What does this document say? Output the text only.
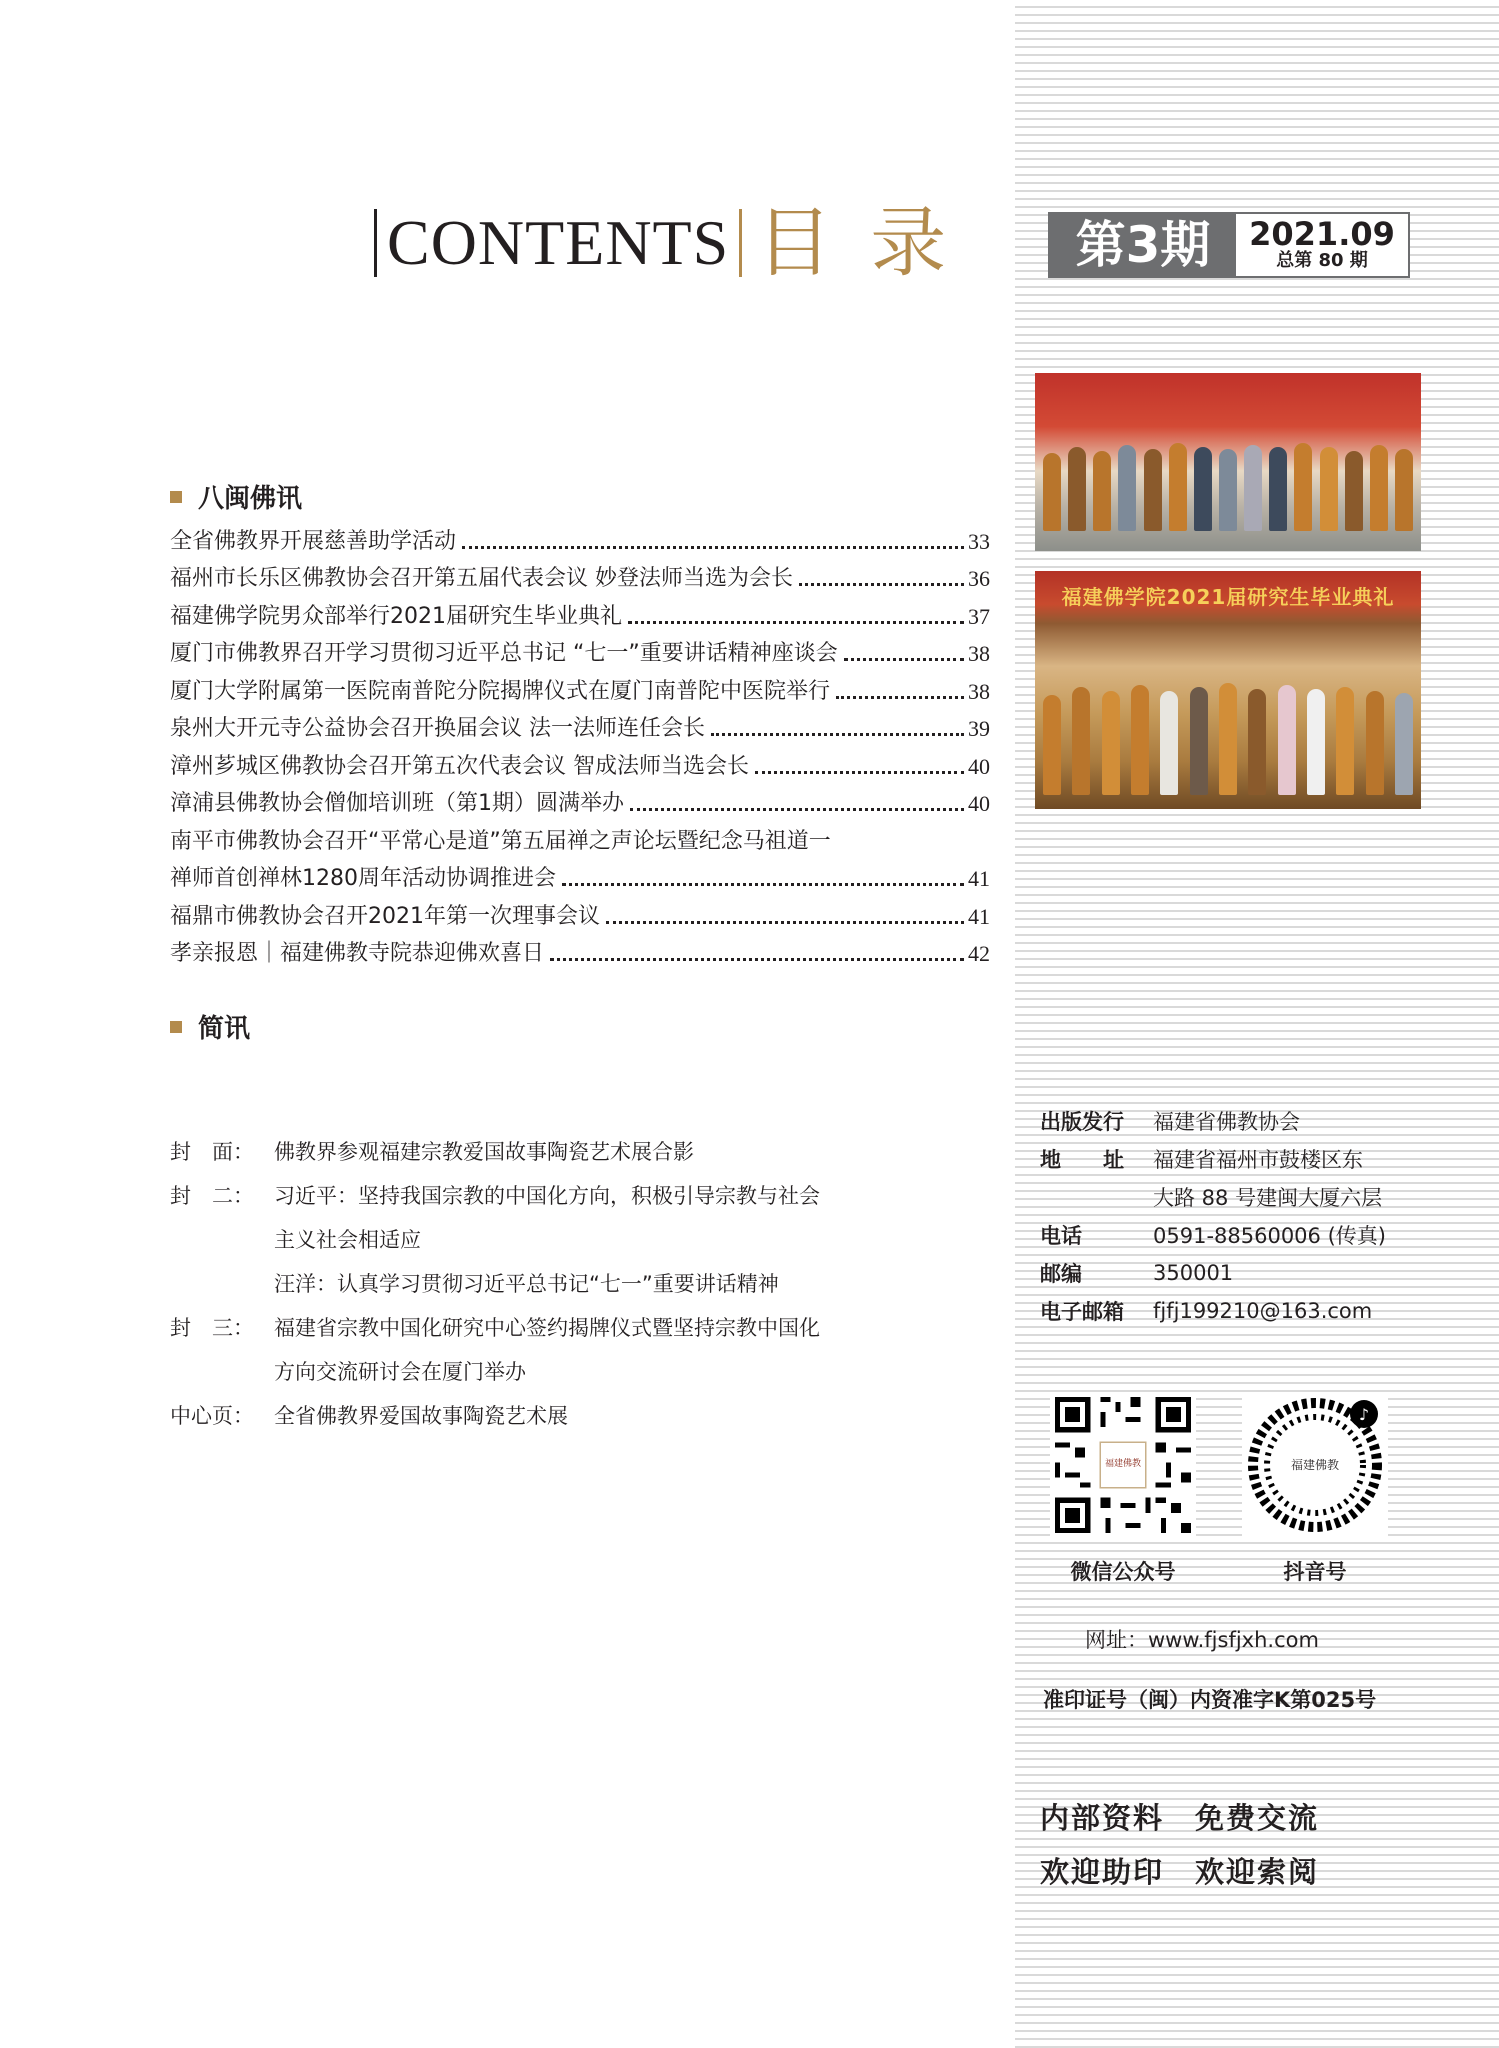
CONTENTS 目录	第3期	2021.09
总第 80 期
八闽佛讯
全省佛教界开展慈善助学活动	33
福州市长乐区佛教协会召开第五届代表会议 妙登法师当选为会长	36
福建佛学院男众部举行2021届研究生毕业典礼	37
厦门市佛教界召开学习贯彻习近平总书记 “七一”重要讲话精神座谈会	38
厦门大学附属第一医院南普陀分院揭牌仪式在厦门南普陀中医院举行	38
泉州大开元寺公益协会召开换届会议 法一法师连任会长	39
漳州芗城区佛教协会召开第五次代表会议 智成法师当选会长	40
漳浦县佛教协会僧伽培训班（第1期）圆满举办	40
南平市佛教协会召开“平常心是道”第五届禅之声论坛暨纪念马祖道一
禅师首创禅林1280周年活动协调推进会	41
福鼎市佛教协会召开2021年第一次理事会议	41
孝亲报恩｜福建佛教寺院恭迎佛欢喜日	42
简讯
封　面： 佛教界参观福建宗教爱国故事陶瓷艺术展合影
封　二： 习近平：坚持我国宗教的中国化方向，积极引导宗教与社会
主义社会相适应
汪洋：认真学习贯彻习近平总书记“七一”重要讲话精神
封　三： 福建省宗教中国化研究中心签约揭牌仪式暨坚持宗教中国化
方向交流研讨会在厦门举办
中心页： 全省佛教界爱国故事陶瓷艺术展
福建佛学院2021届研究生毕业典礼
出版发行	福建省佛教协会
地　　址	福建省福州市鼓楼区东
大路 88 号建闽大厦六层
电话	0591-88560006 (传真)
邮编	350001
电子邮箱	fjfj199210@163.com
福建佛教
♪
福建佛教
微信公众号	抖音号
网址：www.fjsfjxh.com
准印证号（闽）内资准字K第025号
内部资料　免费交流
欢迎助印　欢迎索阅
